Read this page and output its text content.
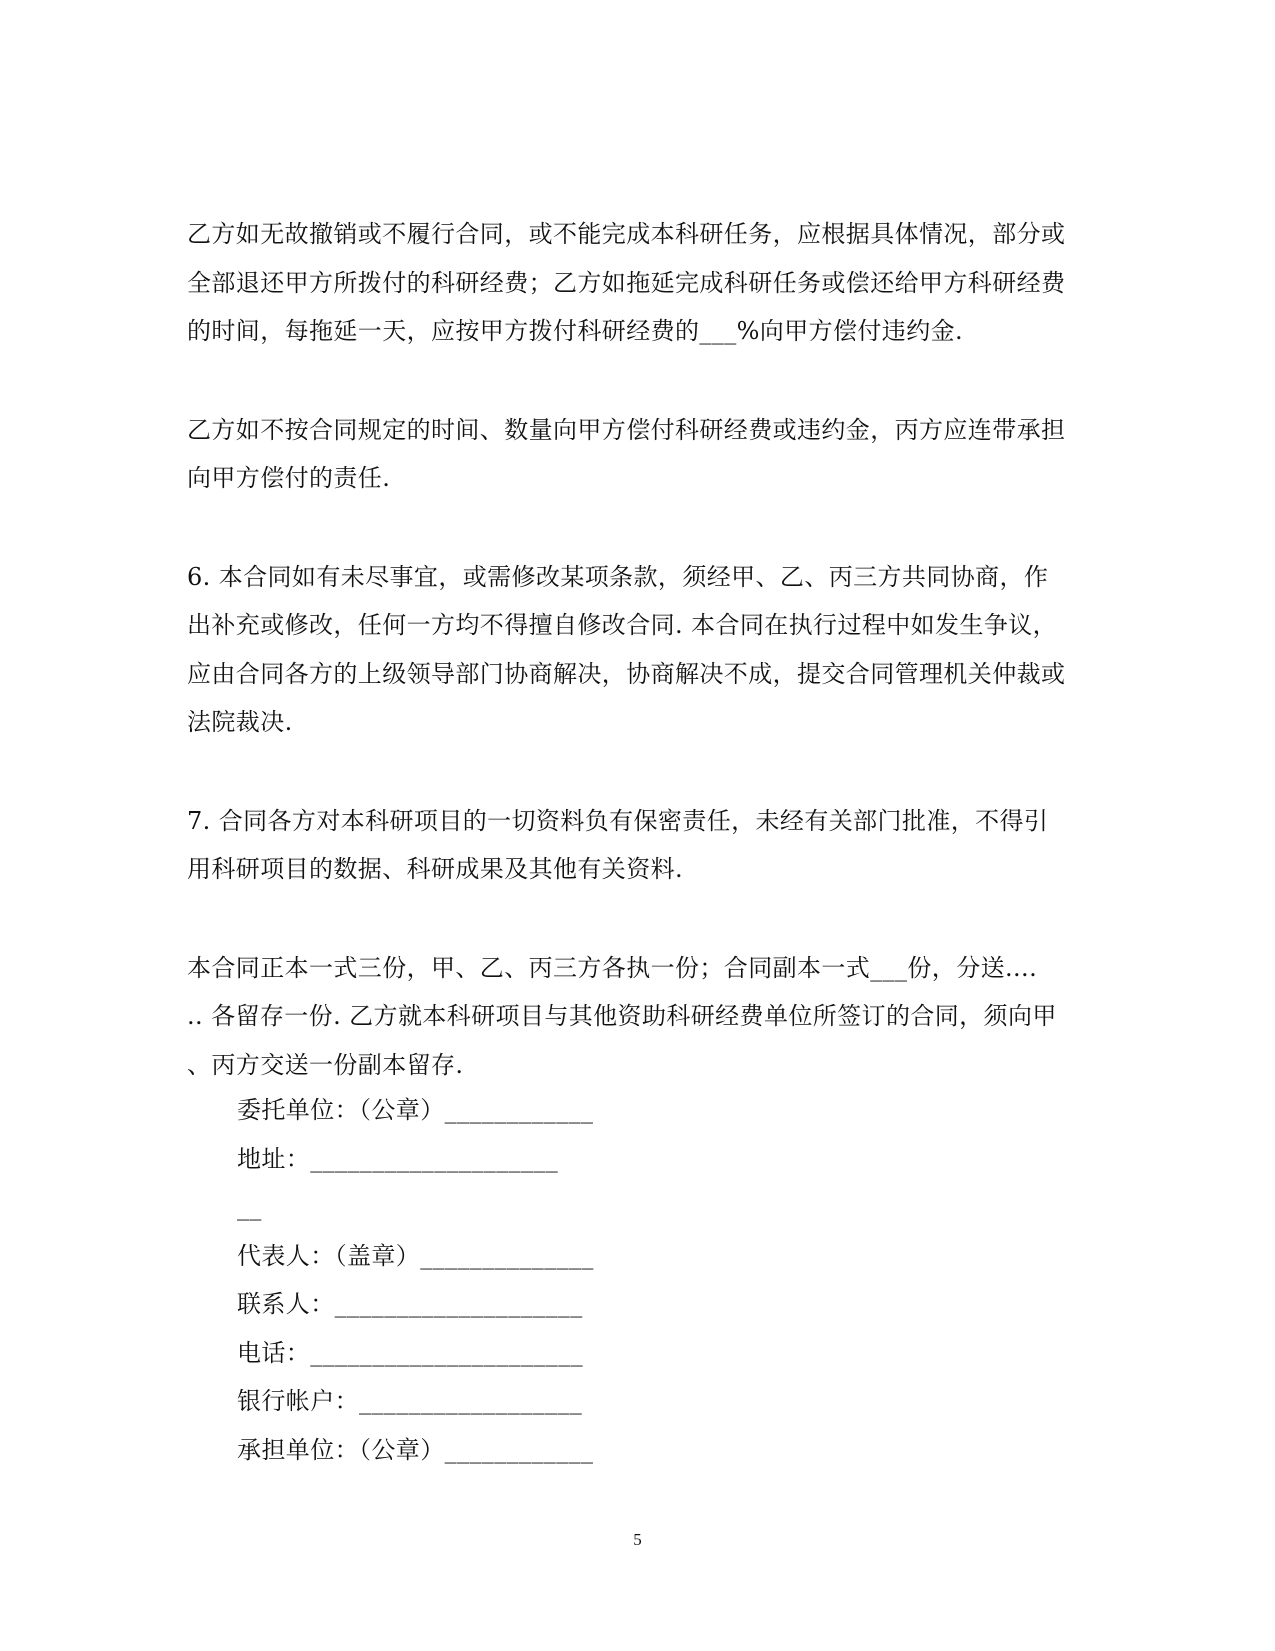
乙方如无故撤销或不履行合同，或不能完成本科研任务，应根据具体情况，部分或

全部退还甲方所拨付的科研经费；乙方如拖延完成科研任务或偿还给甲方科研经费

的时间，每拖延一天，应按甲方拨付科研经费的___%向甲方偿付违约金.

乙方如不按合同规定的时间、数量向甲方偿付科研经费或违约金，丙方应连带承担

向甲方偿付的责任.

6. 本合同如有未尽事宜，或需修改某项条款，须经甲、乙、丙三方共同协商，作

出补充或修改，任何一方均不得擅自修改合同. 本合同在执行过程中如发生争议，

应由合同各方的上级领导部门协商解决，协商解决不成，提交合同管理机关仲裁或

法院裁决.

7. 合同各方对本科研项目的一切资料负有保密责任，未经有关部门批准，不得引

用科研项目的数据、科研成果及其他有关资料.

本合同正本一式三份，甲、乙、丙三方各执一份；合同副本一式___份，分送....

.. 各留存一份. 乙方就本科研项目与其他资助科研经费单位所签订的合同，须向甲

、丙方交送一份副本留存.

委托单位：（公章）____________

地址：____________________

__

代表人：（盖章）______________

联系人：____________________

电话：______________________

银行帐户：__________________

承担单位：（公章）____________

5
